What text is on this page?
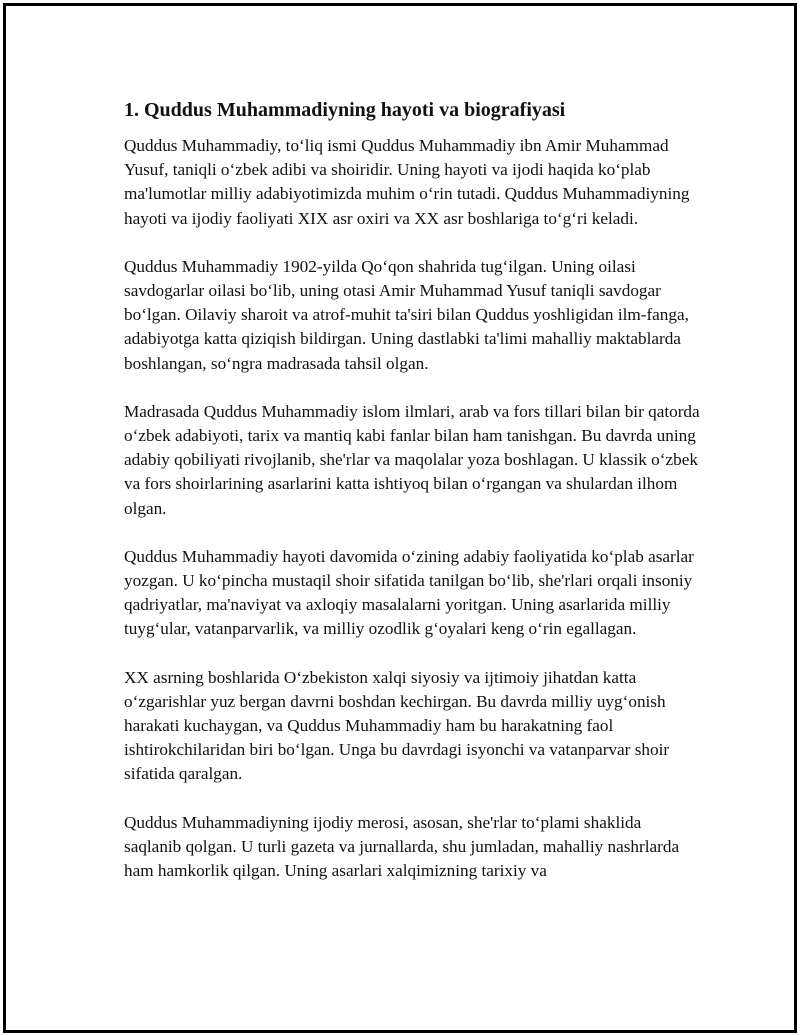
1. Quddus Muhammadiyning hayoti va biografiyasi

Quddus Muhammadiy, to‘liq ismi Quddus Muhammadiy ibn Amir Muhammad Yusuf, taniqli o‘zbek adibi va shoiridir. Uning hayoti va ijodi haqida ko‘plab ma'lumotlar milliy adabiyotimizda muhim o‘rin tutadi. Quddus Muhammadiyning hayoti va ijodiy faoliyati XIX asr oxiri va XX asr boshlariga to‘g‘ri keladi.

Quddus Muhammadiy 1902-yilda Qo‘qon shahrida tug‘ilgan. Uning oilasi savdogarlar oilasi bo‘lib, uning otasi Amir Muhammad Yusuf taniqli savdogar bo‘lgan. Oilaviy sharoit va atrof-muhit ta'siri bilan Quddus yoshligidan ilm-fanga, adabiyotga katta qiziqish bildirgan. Uning dastlabki ta'limi mahalliy maktablarda boshlangan, so‘ngra madrasada tahsil olgan.

Madrasada Quddus Muhammadiy islom ilmlari, arab va fors tillari bilan bir qatorda o‘zbek adabiyoti, tarix va mantiq kabi fanlar bilan ham tanishgan. Bu davrda uning adabiy qobiliyati rivojlanib, she'rlar va maqolalar yoza boshlagan. U klassik o‘zbek va fors shoirlarining asarlarini katta ishtiyoq bilan o‘rgangan va shulardan ilhom olgan.

Quddus Muhammadiy hayoti davomida o‘zining adabiy faoliyatida ko‘plab asarlar yozgan. U ko‘pincha mustaqil shoir sifatida tanilgan bo‘lib, she'rlari orqali insoniy qadriyatlar, ma'naviyat va axloqiy masalalarni yoritgan. Uning asarlarida milliy tuyg‘ular, vatanparvarlik, va milliy ozodlik g‘oyalari keng o‘rin egallagan.

XX asrning boshlarida O‘zbekiston xalqi siyosiy va ijtimoiy jihatdan katta o‘zgarishlar yuz bergan davrni boshdan kechirgan. Bu davrda milliy uyg‘onish harakati kuchaygan, va Quddus Muhammadiy ham bu harakatning faol ishtirokchilaridan biri bo‘lgan. Unga bu davrdagi isyonchi va vatanparvar shoir sifatida qaralgan.

Quddus Muhammadiyning ijodiy merosi, asosan, she'rlar to‘plami shaklida saqlanib qolgan. U turli gazeta va jurnallarda, shu jumladan, mahalliy nashrlarda ham hamkorlik qilgan. Uning asarlari xalqimizning tarixiy va
